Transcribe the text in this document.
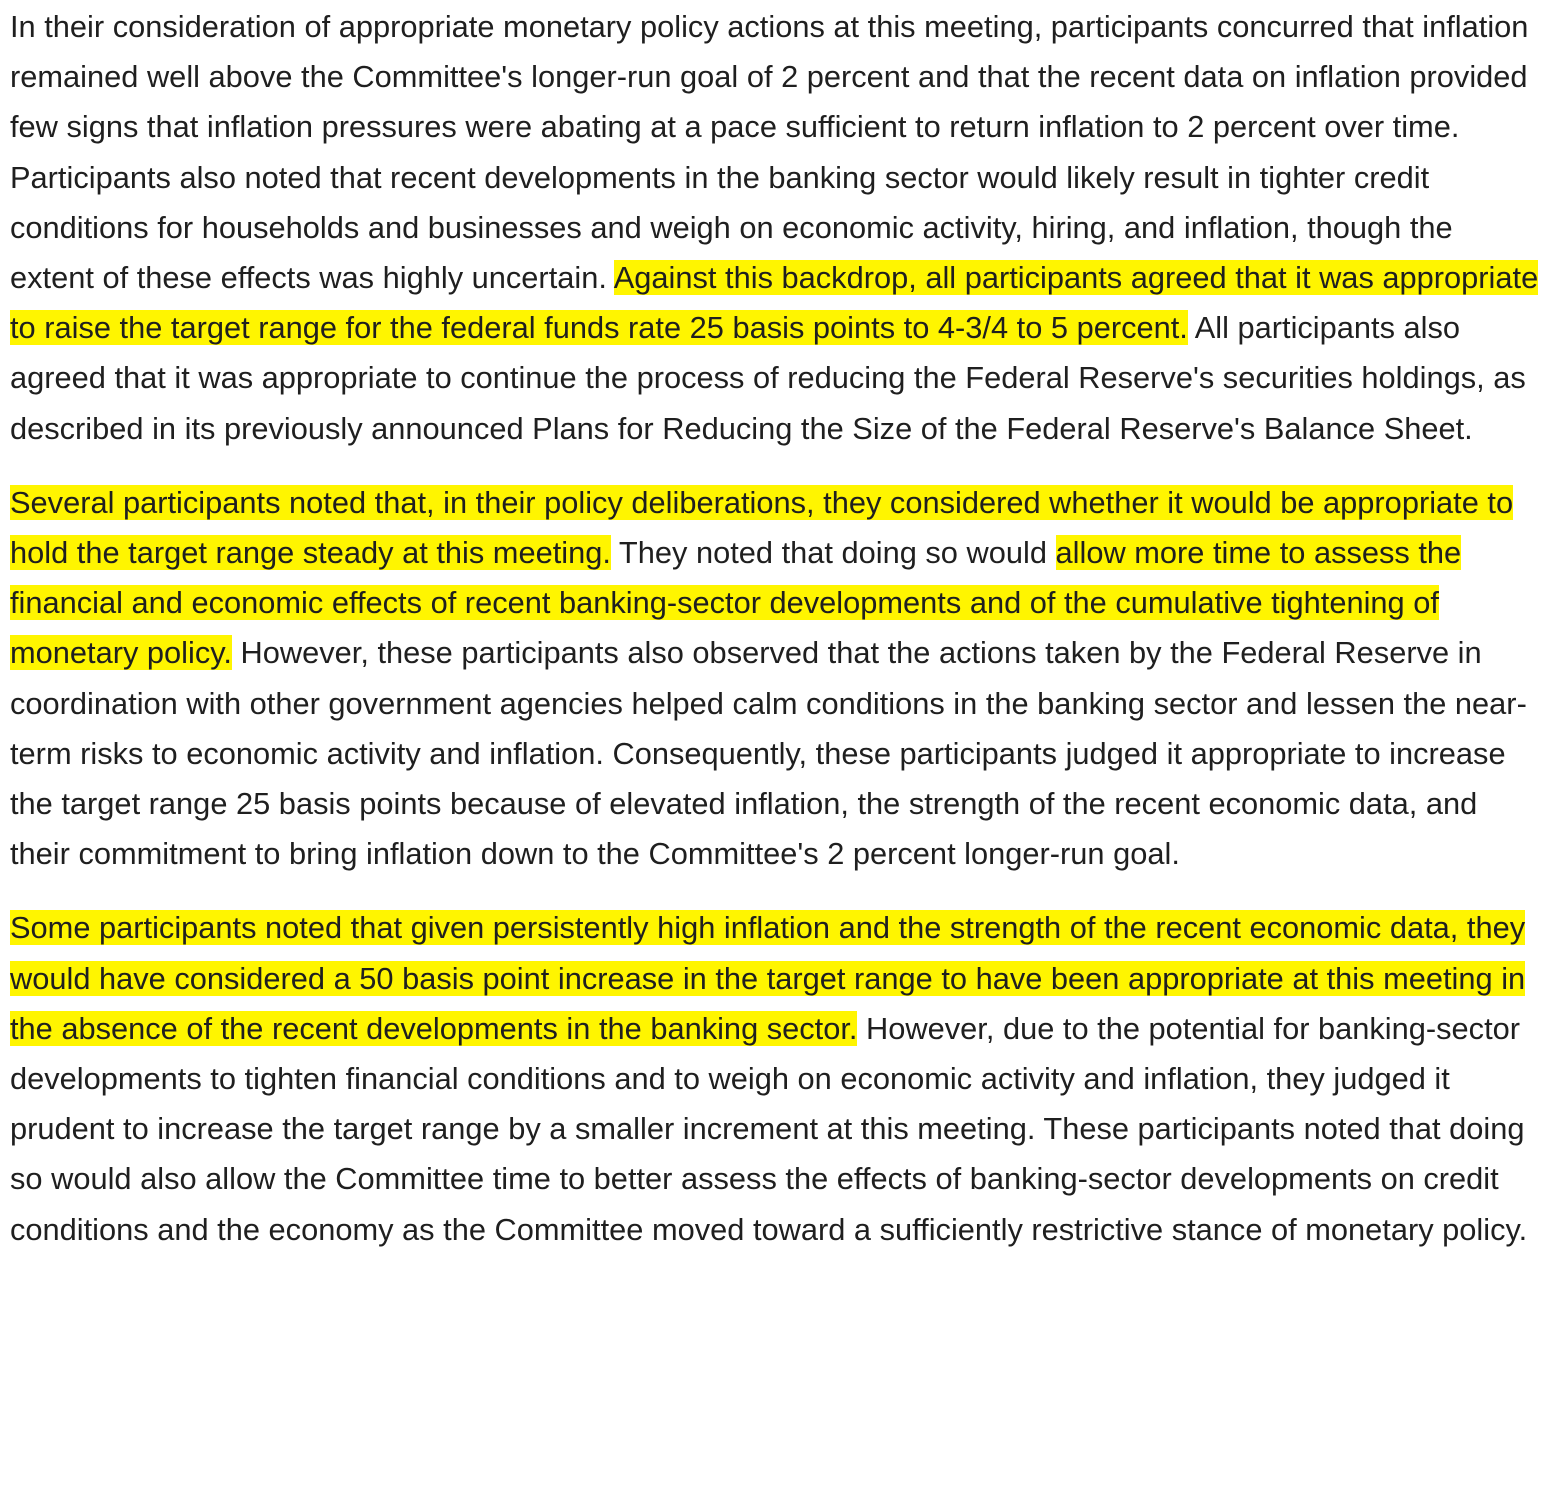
In their consideration of appropriate monetary policy actions at this meeting, participants concurred that inflation remained well above the Committee's longer-run goal of 2 percent and that the recent data on inflation provided few signs that inflation pressures were abating at a pace sufficient to return inflation to 2 percent over time. Participants also noted that recent developments in the banking sector would likely result in tighter credit conditions for households and businesses and weigh on economic activity, hiring, and inflation, though the extent of these effects was highly uncertain. Against this backdrop, all participants agreed that it was appropriate to raise the target range for the federal funds rate 25 basis points to 4-3/4 to 5 percent. All participants also agreed that it was appropriate to continue the process of reducing the Federal Reserve's securities holdings, as described in its previously announced Plans for Reducing the Size of the Federal Reserve's Balance Sheet.

Several participants noted that, in their policy deliberations, they considered whether it would be appropriate to hold the target range steady at this meeting. They noted that doing so would allow more time to assess the financial and economic effects of recent banking-sector developments and of the cumulative tightening of monetary policy. However, these participants also observed that the actions taken by the Federal Reserve in coordination with other government agencies helped calm conditions in the banking sector and lessen the near-term risks to economic activity and inflation. Consequently, these participants judged it appropriate to increase the target range 25 basis points because of elevated inflation, the strength of the recent economic data, and their commitment to bring inflation down to the Committee's 2 percent longer-run goal.

Some participants noted that given persistently high inflation and the strength of the recent economic data, they would have considered a 50 basis point increase in the target range to have been appropriate at this meeting in the absence of the recent developments in the banking sector. However, due to the potential for banking-sector developments to tighten financial conditions and to weigh on economic activity and inflation, they judged it prudent to increase the target range by a smaller increment at this meeting. These participants noted that doing so would also allow the Committee time to better assess the effects of banking-sector developments on credit conditions and the economy as the Committee moved toward a sufficiently restrictive stance of monetary policy.
